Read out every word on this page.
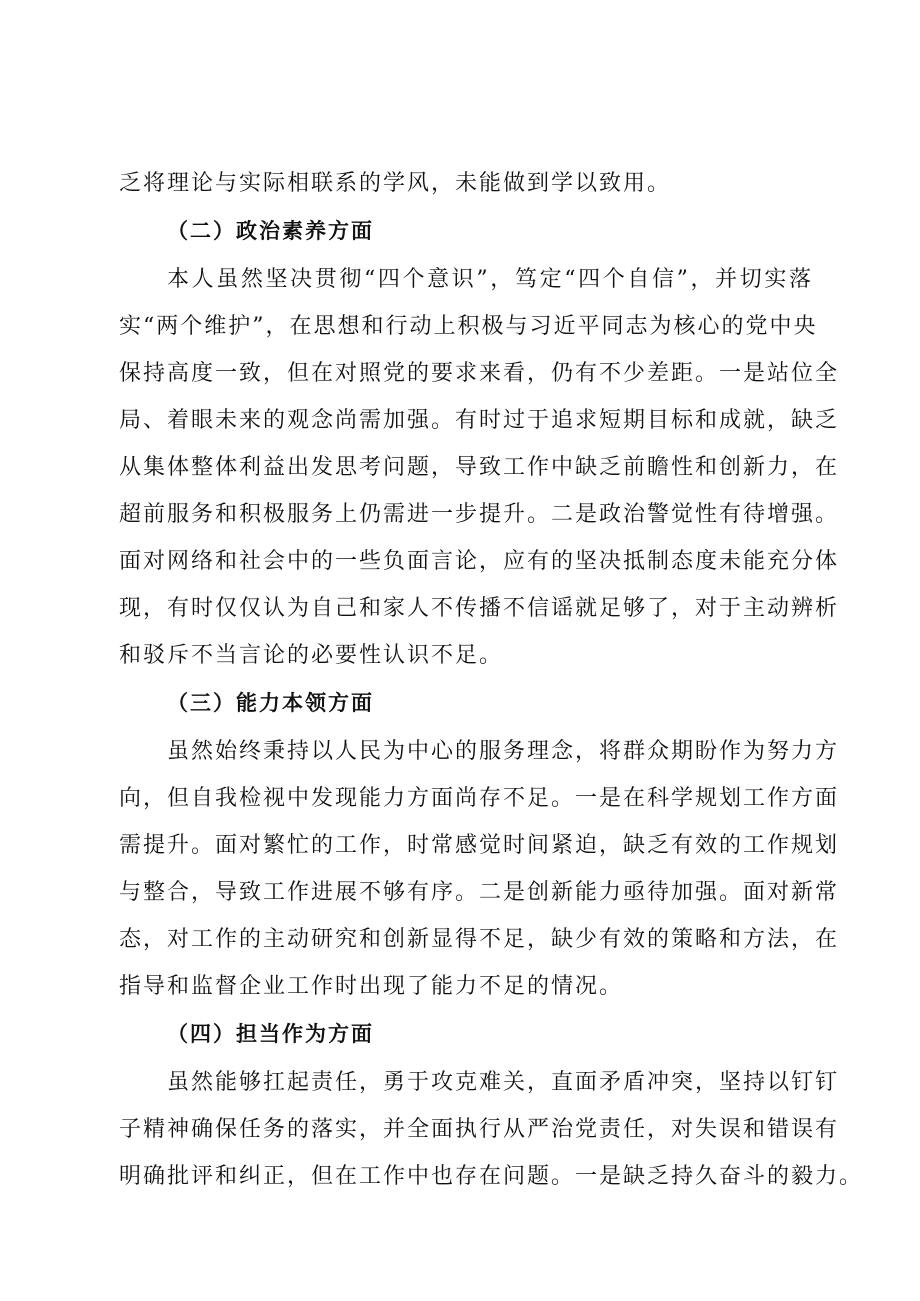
乏将理论与实际相联系的学风，未能做到学以致用。
（二）政治素养方面
本人虽然坚决贯彻“四个意识”，笃定“四个自信”，并切实落
实“两个维护”，在思想和行动上积极与习近平同志为核心的党中央
保持高度一致，但在对照党的要求来看，仍有不少差距。一是站位全
局、着眼未来的观念尚需加强。有时过于追求短期目标和成就，缺乏
从集体整体利益出发思考问题，导致工作中缺乏前瞻性和创新力，在
超前服务和积极服务上仍需进一步提升。二是政治警觉性有待增强。
面对网络和社会中的一些负面言论，应有的坚决抵制态度未能充分体
现，有时仅仅认为自己和家人不传播不信谣就足够了，对于主动辨析
和驳斥不当言论的必要性认识不足。
（三）能力本领方面
虽然始终秉持以人民为中心的服务理念，将群众期盼作为努力方
向，但自我检视中发现能力方面尚存不足。一是在科学规划工作方面
需提升。面对繁忙的工作，时常感觉时间紧迫，缺乏有效的工作规划
与整合，导致工作进展不够有序。二是创新能力亟待加强。面对新常
态，对工作的主动研究和创新显得不足，缺少有效的策略和方法，在
指导和监督企业工作时出现了能力不足的情况。
（四）担当作为方面
虽然能够扛起责任，勇于攻克难关，直面矛盾冲突，坚持以钉钉
子精神确保任务的落实，并全面执行从严治党责任，对失误和错误有
明确批评和纠正，但在工作中也存在问题。一是缺乏持久奋斗的毅力。
